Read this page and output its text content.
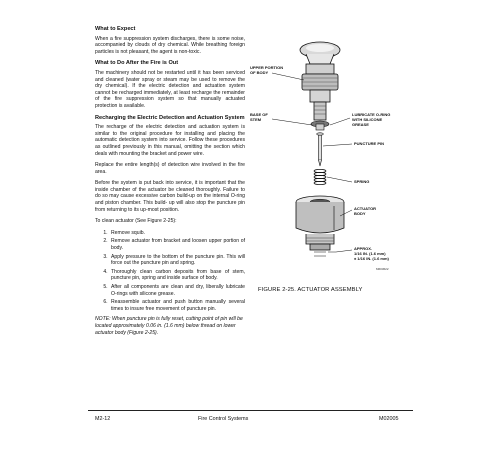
What to Expect
When a fire suppression system discharges, there is some noise, accompanied by clouds of dry chemical. While breathing foreign particles is not pleasant, the agent is non-toxic.
What to Do After the Fire is Out
The machinery should not be restarted until it has been serviced and cleaned (water spray or steam may be used to remove the dry chemical). If the electric detection and actuation system cannot be recharged immediately, at least recharge the remainder of the fire suppression system so that manually actuated protection is available.
Recharging the Electric Detection and Actuation System
The recharge of the electric detection and actuation system is similar to the original procedure for installing and placing the automatic detection system into service. Follow these procedures as outlined previously in this manual, omitting the section which deals with mounting the bracket and power wire.
Replace the entire length(s) of detection wire involved in the fire area.
Before the system is put back into service, it is important that the inside chamber of the actuator be cleaned thoroughly. Failure to do so may cause excessive carbon build-up on the internal O-ring and piston chamber. This build- up will also stop the puncture pin from returning to its up-most position.
To clean actuator (See Figure 2-25):
1. Remove squib.
2. Remove actuator from bracket and loosen upper portion of body.
3. Apply pressure to the bottom of the puncture pin. This will force out the puncture pin and spring.
4. Thoroughly clean carbon deposits from base of stem, puncture pin, spring and inside surface of body.
5. After all components are clean and dry, liberally lubricate O-rings with silicone grease.
6. Reassemble actuator and push button manually several times to insure free movement of puncture pin.
NOTE: When puncture pin is fully reset, cutting point of pin will be located approximately 0.06 in. (1.6 mm) below thread on lower actuator body (Figure 2-25).
UPPER PORTION
OF BODY
BASE OF
STEM
LUBRICATE O-RING
WITH SILICONE
GREASE
PUNCTURE PIN
SPRING
ACTUATOR
BODY
APPROX.
1/16 IN. (1.6 mm)
± 1/16 IN. (1.6 mm)
M603622
FIGURE 2-25. ACTUATOR ASSEMBLY
M2-12	Fire Control Systems	M02005
